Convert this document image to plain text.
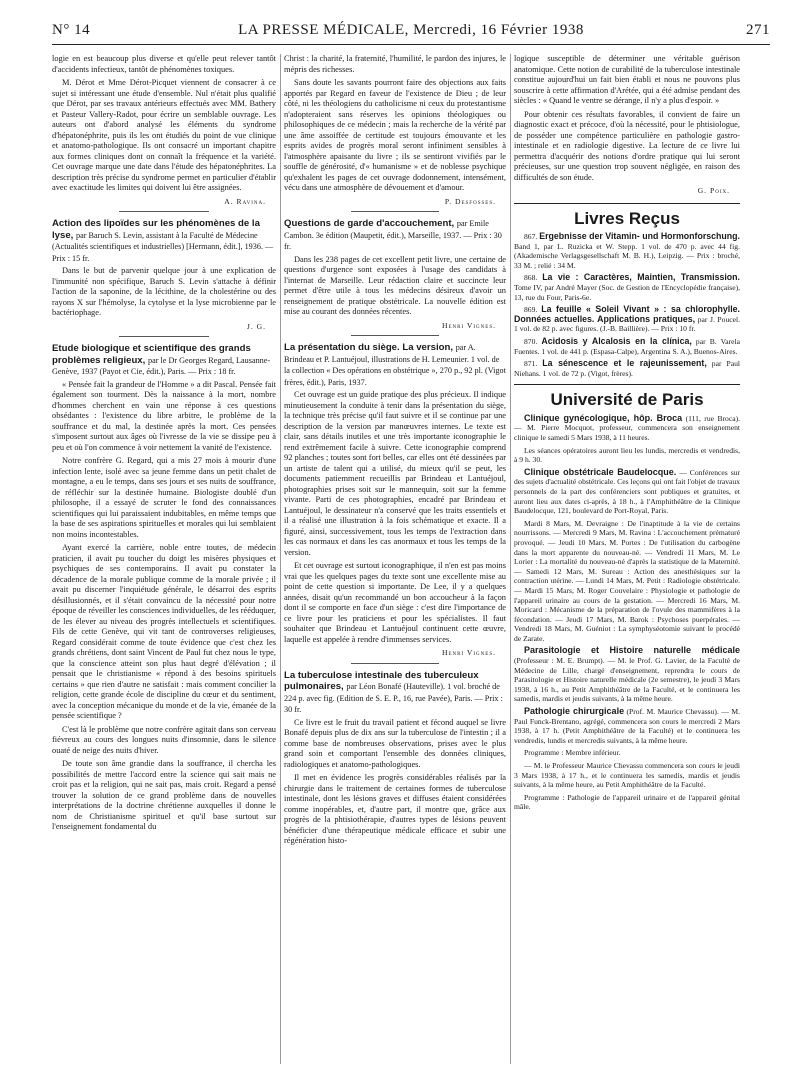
N° 14	LA PRESSE MÉDICALE, Mercredi, 16 Février 1938	271

logie en est beaucoup plus diverse et qu'elle peut relever tantôt d'accidents infectieux, tantôt de phénomènes toxiques.

M. Dérot et Mme Dérot-Picquet viennent de consacrer à ce sujet si intéressant une étude d'ensemble. Nul n'était plus qualifié que Dérot, par ses travaux antérieurs effectués avec MM. Bathery et Pasteur Vallery-Radot, pour écrire un semblable ouvrage. Les auteurs ont d'abord analysé les éléments du syndrome d'hépatonéphrite, puis ils les ont étudiés du point de vue clinique et anatomo-pathologique. Ils ont consacré un important chapitre aux formes cliniques dont on connaît la fréquence et la variété. Cet ouvrage marque une date dans l'étude des hépatonéphrites. La description très précise du syndrome permet en particulier d'établir avec exactitude les limites qui doivent lui être assignées.

A. Ravina.
Action des lipoïdes sur les phénomènes de la lyse, par Baruch S. Levin, assistant à la Faculté de Médecine (Actualités scientifiques et industrielles) [Hermann, édit.], 1936. — Prix : 15 fr.

Dans le but de parvenir quelque jour à une explication de l'immunité non spécifique, Baruch S. Levin s'attache à définir l'action de la saponine, de la lécithine, de la cholestérine ou des rayons X sur l'hémolyse, la cytolyse et la lyse microbienne par le bactériophage.

J. G.
Etude biologique et scientifique des grands problèmes religieux, par le Dr Georges Regard, Lausanne-Genève, 1937 (Payot et Cie, édit.), Paris. — Prix : 18 fr.

« Pensée fait la grandeur de l'Homme » a dit Pascal. Pensée fait également son tourment. Dès la naissance à la mort, nombre d'hommes cherchent en vain une réponse à ces questions obsédantes : l'existence du libre arbitre, le problème de la souffrance et du mal, la destinée après la mort. Ces pensées s'imposent surtout aux âges où l'ivresse de la vie se dissipe peu à peu et où l'on commence à voir nettement la vanité de l'existence.

Notre confrère G. Regard, qui a mis 27 mois à mourir d'une infection lente, isolé avec sa jeune femme dans un petit chalet de montagne, a eu le temps, dans ses jours et ses nuits de souffrance, de réfléchir sur la destinée humaine. Biologiste doublé d'un philosophe, il a essayé de scruter le fond des connaissances scientifiques qui lui paraissaient indubitables, en même temps que la base de ses aspirations spirituelles et morales qui lui semblaient non moins incontestables.

Ayant exercé la carrière, noble entre toutes, de médecin praticien, il avait pu toucher du doigt les misères physiques et psychiques de ses contemporains. Il avait pu constater la décadence de la morale publique comme de la morale privée ; il avait pu discerner l'inquiétude générale, le désarroi des esprits désillusionnés, et il s'était convaincu de la nécessité pour notre époque de réveiller les consciences individuelles, de les rééduquer, de les élever au niveau des progrès intellectuels et scientifiques. Fils de cette Genève, qui vit tant de controverses religieuses, Regard considérait comme de toute évidence que c'est chez les grands chrétiens, dont saint Vincent de Paul fut chez nous le type, que la conscience atteint son plus haut degré d'élévation ; il pensait que le christianisme « répond à des besoins spirituels certains » que rien d'autre ne satisfait : mais comment concilier la religion, cette grande école de discipline du cœur et du sentiment, avec la conception mécanique du monde et de la vie, émanée de la pensée scientifique ?

C'est là le problème que notre confrère agitait dans son cerveau fiévreux au cours des longues nuits d'insomnie, dans le silence ouaté de neige des nuits d'hiver.

De toute son âme grandie dans la souffrance, il chercha les possibilités de mettre l'accord entre la science qui sait mais ne croit pas et la religion, qui ne sait pas, mais croit. Regard a pensé trouver la solution de ce grand problème dans de nouvelles interprétations de la doctrine chrétienne auxquelles il donne le nom de Christianisme spirituel et qu'il base surtout sur l'enseignement fondamental du

Christ : la charité, la fraternité, l'humilité, le pardon des injures, le mépris des richesses.

Sans doute les savants pourront faire des objections aux faits apportés par Regard en faveur de l'existence de Dieu ; de leur côté, ni les théologiens du catholicisme ni ceux du protestantisme n'adopteraient sans réserves les opinions théologiques ou philosophiques de ce médecin ; mais la recherche de la vérité par une âme assoiffée de certitude est toujours émouvante et les esprits avides de progrès moral seront infiniment sensibles à l'atmosphère apaisante du livre ; ils se sentiront vivifiés par le souffle de générosité, d'« humanisme » et de noblesse psychique qu'exhalent les pages de cet ouvrage dodonnement, intensément, vécu dans une atmosphère de dévouement et d'amour.

P. Desfosses.
Questions de garde d'accouchement, par Emile Cambon. 3e édition (Maupetit, édit.), Marseille, 1937. — Prix : 30 fr.

Dans les 238 pages de cet excellent petit livre, une certaine de questions d'urgence sont exposées à l'usage des candidats à l'internat de Marseille. Leur rédaction claire et succincte leur permet d'être utile à tous les médecins désireux d'avoir un renseignement de pratique obstétricale. La nouvelle édition est mise au courant des données récentes.

Henri Vignes.
La présentation du siège. La version, par A. Brindeau et P. Lantuéjoul, illustrations de H. Lemeunier. 1 vol. de la collection « Des opérations en obstétrique », 270 p., 92 pl. (Vigot frères, édit.), Paris, 1937.

Cet ouvrage est un guide pratique des plus précieux. Il indique minutieusement la conduite à tenir dans la présentation du siège, la technique très précise qu'il faut suivre et il se continue par une description de la version par manœuvres internes. Le texte est clair, sans détails inutiles et une très importante iconographie le rend extrêmement facile à suivre. Cette iconographie comprend 92 planches ; toutes sont fort belles, car elles ont été dessinées par un artiste de talent qui a utilisé, du mieux qu'il se peut, les documents patiemment recueillis par Brindeau et Lantuéjoul, photographies prises soit sur le mannequin, soit sur la femme vivante. Parti de ces photographies, encadré par Brindeau et Lantuéjoul, le dessinateur n'a conservé que les traits essentiels et il a réalisé une illustration à la fois schématique et exacte. Il a figuré, ainsi, successivement, tous les temps de l'extraction dans les cas normaux et dans les cas anormaux et tous les temps de la version.

Et cet ouvrage est surtout iconographique, il n'en est pas moins vrai que les quelques pages du texte sont une excellente mise au point de cette question si importante. De Lee, il y a quelques années, disait qu'un recommandé un bon accoucheur à la façon dont il se comporte en face d'un siège : c'est dire l'importance de ce livre pour les praticiens et pour les spécialistes. Il faut souhaiter que Brindeau et Lantuéjoul continuent cette œuvre, laquelle est appelée à rendre d'immenses services.

Henri Vignes.
La tuberculose intestinale des tuberculeux pulmonaires, par Léon Bonafé (Hauteville). 1 vol. broché de 224 p. avec fig. (Edition de S. E. P., 16, rue Pavée), Paris. — Prix : 30 fr.

Ce livre est le fruit du travail patient et fécond auquel se livre Bonafé depuis plus de dix ans sur la tuberculose de l'intestin ; il a comme base de nombreuses observations, prises avec le plus grand soin et comportant l'ensemble des données cliniques, radiologiques et anatomo-pathologiques.

Il met en évidence les progrès considérables réalisés par la chirurgie dans le traitement de certaines formes de tuberculose intestinale, dont les lésions graves et diffuses étaient considérées comme inopérables, et, d'autre part, il montre que, grâce aux progrès de la phtisiothérapie, d'autres types de lésions peuvent bénéficier d'une thérapeutique médicale efficace et subir une régénération histo-

logique susceptible de déterminer une véritable guérison anatomique. Cette notion de curabilité de la tuberculose intestinale constitue aujourd'hui un fait bien établi et nous ne pouvons plus souscrire à cette affirmation d'Arétée, qui a été admise pendant des siècles : « Quand le ventre se dérange, il n'y a plus d'espoir. »

Pour obtenir ces résultats favorables, il convient de faire un diagnostic exact et précoce, d'où la nécessité, pour le phtisiologue, de posséder une compétence particulière en pathologie gastro-intestinale et en radiologie digestive. La lecture de ce livre lui permettra d'acquérir des notions d'ordre pratique qui lui seront précieuses, sur une question trop souvent négligée, en raison des difficultés de son étude.

G. Poix.
Livres Reçus

867. Ergebnisse der Vitamin- und Hormonforschung. Band 1, par L. Ruzicka et W. Stepp. 1 vol. de 470 p. avec 44 fig. (Akademische Verlagsgesellschaft M. B. H.), Leipzig. — Prix : broché, 33 M. ; relié : 34 M.

868. La vie : Caractères, Maintien, Transmission. Tome IV, par André Mayer (Soc. de Gestion de l'Encyclopédie française), 13, rue du Four, Paris-6e.

869. La feuille « Soleil Vivant » : sa chlorophylle. Données actuelles. Applications pratiques, par J. Poucel. 1 vol. de 82 p. avec figures. (J.-B. Baillière). — Prix : 10 fr.

870. Acidosis y Alcalosis en la clínica, par B. Varela Fuentes. 1 vol. de 441 p. (Espasa-Calpe), Argentina S. A.), Buenos-Aires.

871. La sénescence et le rajeunissement, par Paul Niehans. 1 vol. de 72 p. (Vigot, frères).

Université de Paris

Clinique gynécologique, hôp. Broca (111, rue Broca). — M. Pierre Mocquot, professeur, commencera son enseignement clinique le samedi 5 Mars 1938, à 11 heures.

Les séances opératoires auront lieu les lundis, mercredis et vendredis, à 9 h. 30.

Clinique obstétricale Baudelocque. — Conférences sur des sujets d'actualité obstétricale. Ces leçons qui ont fait l'objet de travaux personnels de la part des conférenciers sont publiques et gratuites, et auront lieu aux dates ci-après, à 18 h., à l'Amphithéâtre de la Clinique Baudelocque, 121, boulevard de Port-Royal, Paris.

Mardi 8 Mars, M. Devraigne : De l'inaptitude à la vie de certains nourrissons. — Mercredi 9 Mars, M. Ravina : L'accouchement prématuré provoqué. — Jeudi 10 Mars, M. Portes : De l'utilisation du carbogène dans la mort apparente du nouveau-né. — Vendredi 11 Mars, M. Le Lorier : La mortalité du nouveau-né d'après la statistique de la Maternité. — Samedi 12 Mars, M. Sureau : Action des anesthésiques sur la contraction utérine. — Lundi 14 Mars, M. Petit : Radiologie obstétricale. — Mardi 15 Mars, M. Roger Couvelaire : Physiologie et pathologie de l'appareil urinaire au cours de la gestation. — Mercredi 16 Mars, M. Moricard : Mécanisme de la préparation de l'ovule des mammifères à la fécondation. — Jeudi 17 Mars, M. Barok : Psychoses puerpérales. — Vendredi 18 Mars, M. Guéniot : La symphyséotomie suivant le procédé de Zarate.

Parasitologie et Histoire naturelle médicale (Professeur : M. E. Brumpt). — M. le Prof. G. Lavier, de la Faculté de Médecine de Lille, chargé d'enseignement, reprendra le cours de Parasitologie et Histoire naturelle médicale (2e semestre), le jeudi 3 Mars 1938, à 16 h., au Petit Amphithéâtre de la Faculté, et le continuera les samedis, mardis et jeudis suivants, à la même heure.

Pathologie chirurgicale (Prof. M. Maurice Chevassu). — M. Paul Funck-Brentano, agrégé, commencera son cours le mercredi 2 Mars 1938, à 17 h. (Petit Amphithéâtre de la Faculté) et le continuera les vendredis, lundis et mercredis suivants, à la même heure.

Programme : Membre inférieur.

— M. le Professeur Maurice Chevassu commencera son cours le jeudi 3 Mars 1938, à 17 h., et le continuera les samedis, mardis et jeudis suivants, à la même heure, au Petit Amphithéâtre de la Faculté.

Programme : Pathologie de l'appareil urinaire et de l'appareil génital mâle.
